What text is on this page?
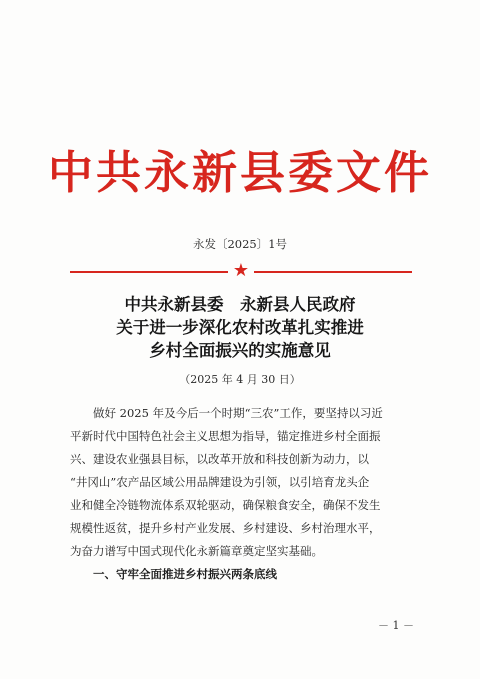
中共永新县委文件
永发〔2025〕1号
★
中共永新县委　永新县人民政府
关于进一步深化农村改革扎实推进
乡村全面振兴的实施意见
（2025 年 4 月 30 日）
做好 2025 年及今后一个时期“三农”工作，要坚持以习近
平新时代中国特色社会主义思想为指导，锚定推进乡村全面振
兴、建设农业强县目标，以改革开放和科技创新为动力，以
“井冈山”农产品区域公用品牌建设为引领，以引培育龙头企
业和健全冷链物流体系双轮驱动，确保粮食安全，确保不发生
规模性返贫，提升乡村产业发展、乡村建设、乡村治理水平，
为奋力谱写中国式现代化永新篇章奠定坚实基础。
一、守牢全面推进乡村振兴两条底线
－ 1 －
